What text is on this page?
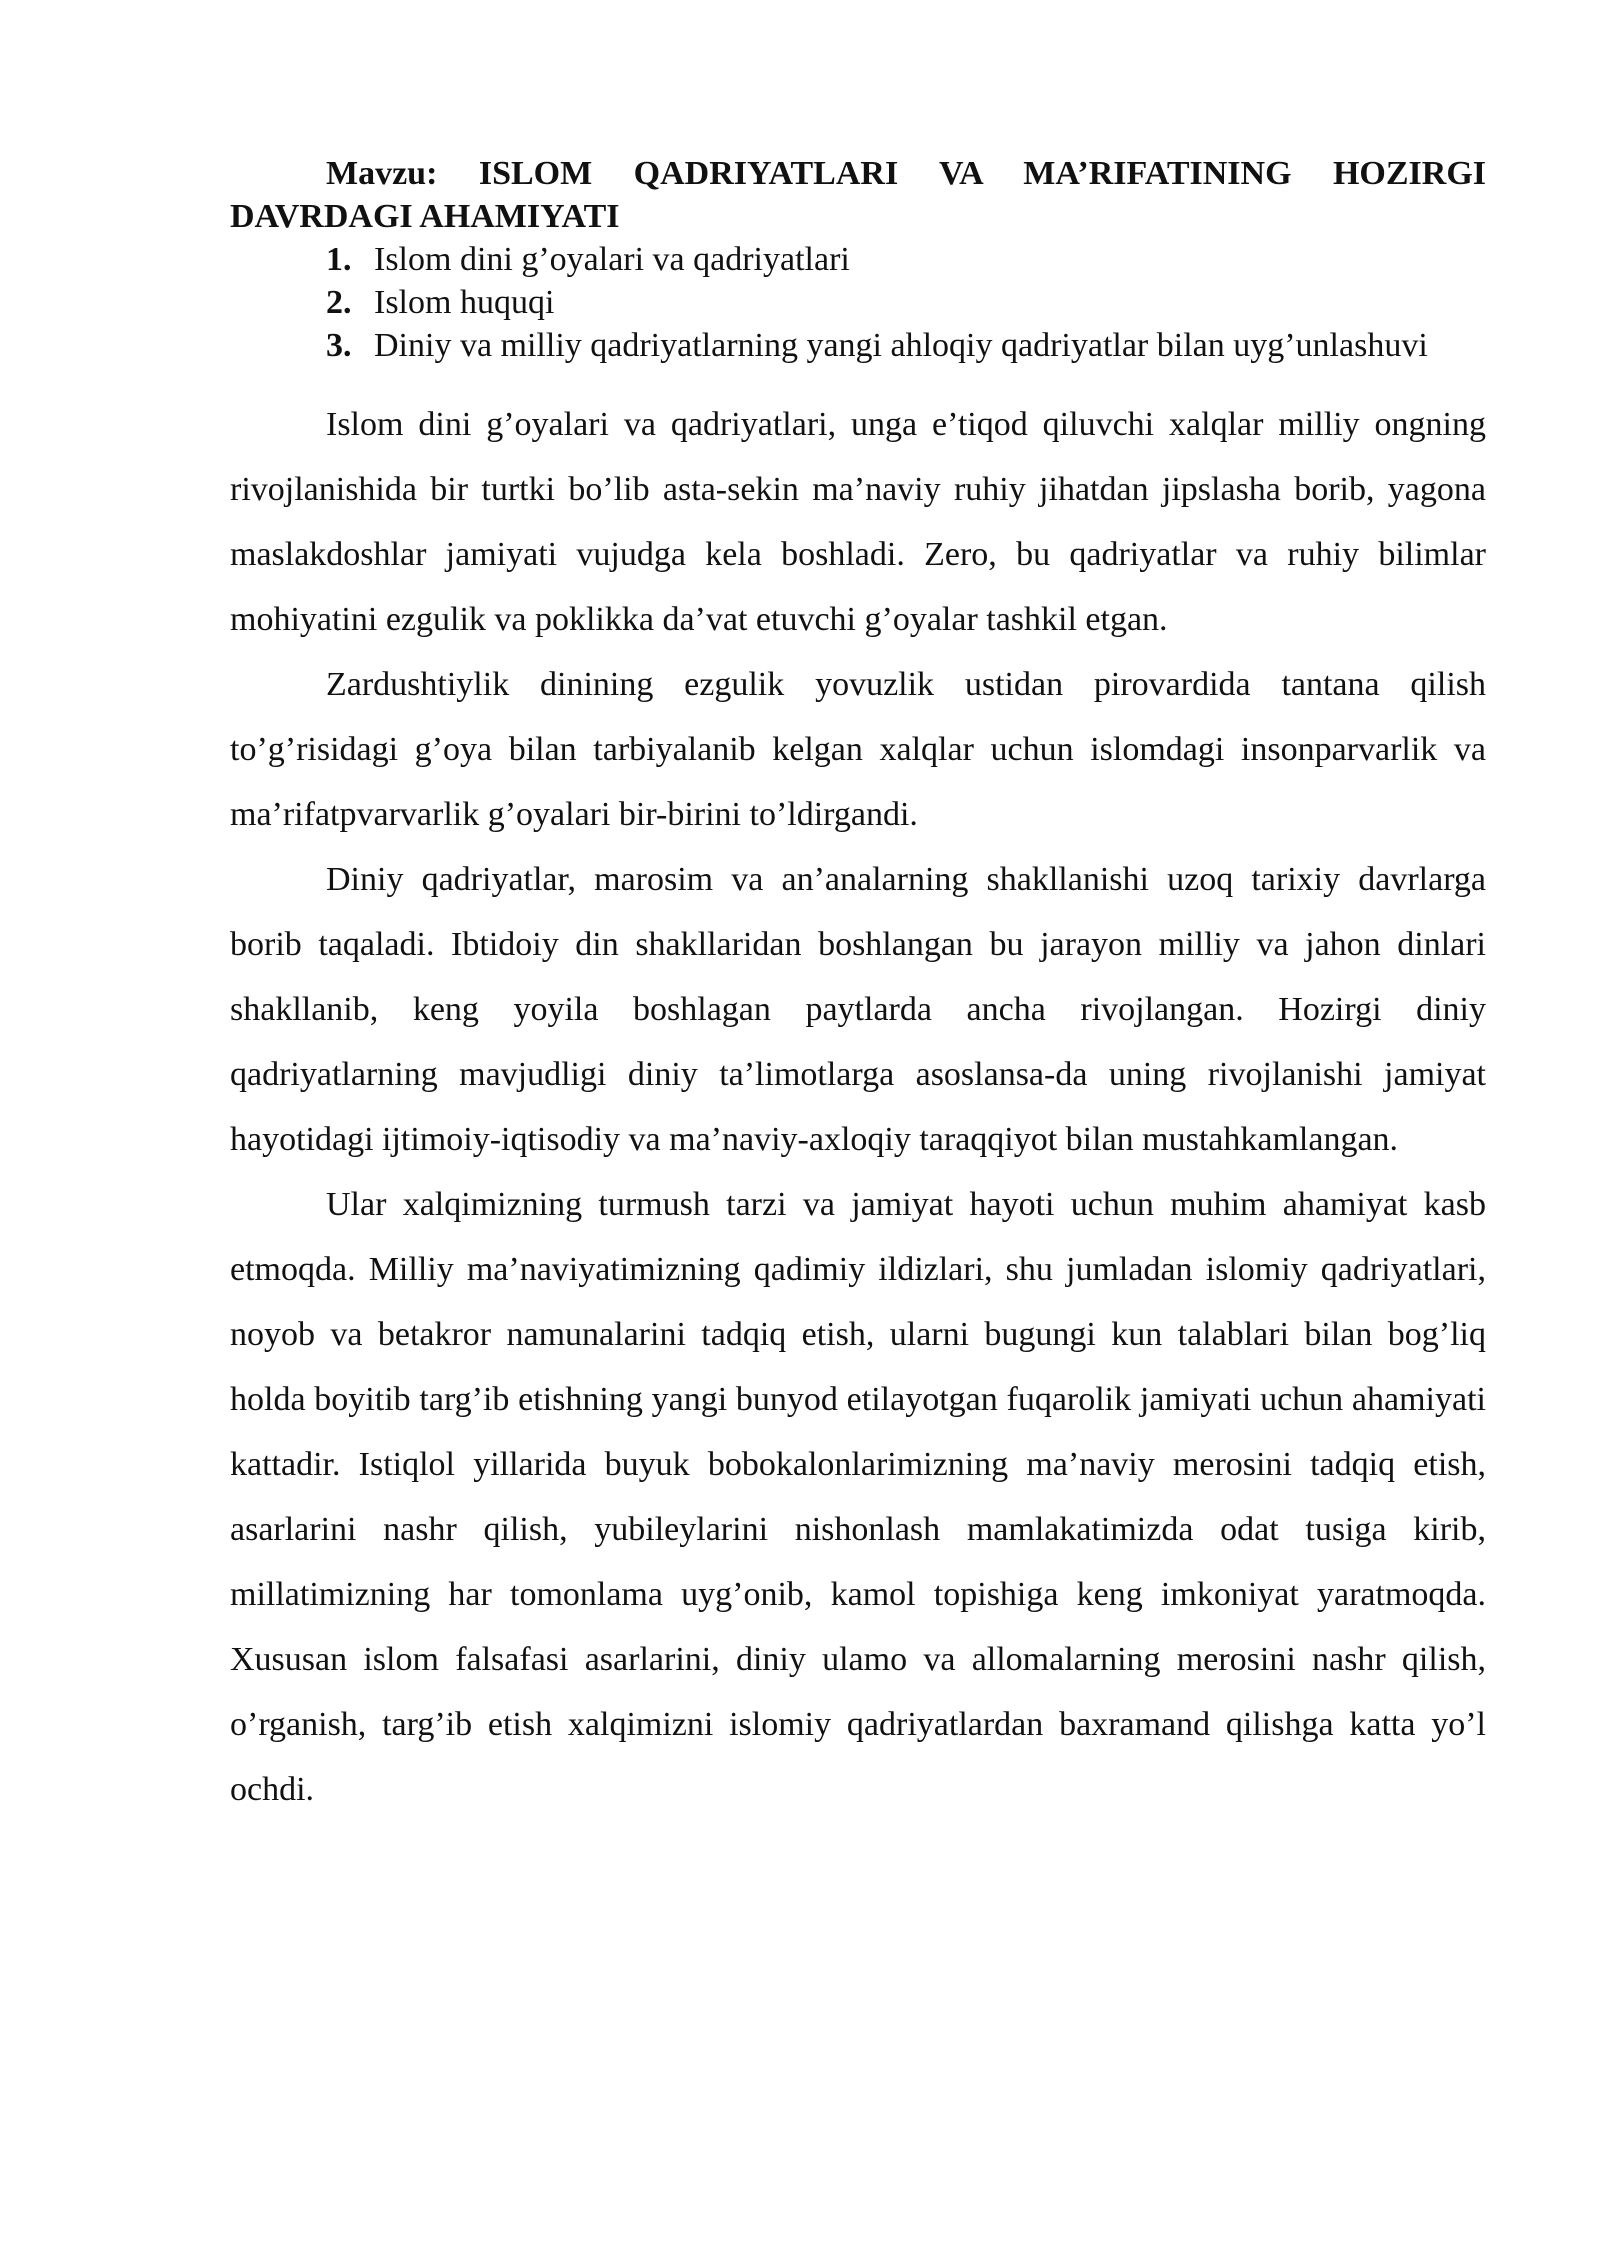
Mavzu: ISLOM QADRIYATLARI VA MA’RIFATINING HOZIRGI DAVRDAGI AHAMIYATI

1. Islom dini g’oyalari va qadriyatlari
2. Islom huquqi
3. Diniy va milliy qadriyatlarning yangi ahloqiy qadriyatlar bilan uyg’unlashuvi

Islom dini g’oyalari va qadriyatlari, unga e’tiqod qiluvchi xalqlar milliy ongning rivojlanishida bir turtki bo’lib asta-sekin ma’naviy ruhiy jihatdan jipslasha borib, yagona maslakdoshlar jamiyati vujudga kela boshladi. Zero, bu qadriyatlar va ruhiy bilimlar mohiyatini ezgulik va poklikka da’vat etuvchi g’oyalar tashkil etgan.

Zardushtiylik dinining ezgulik yovuzlik ustidan pirovardida tantana qilish to’g’risidagi g’oya bilan tarbiyalanib kelgan xalqlar uchun islomdagi insonparvarlik va ma’rifatpvarvarlik g’oyalari bir-birini to’ldirgandi.

Diniy qadriyatlar, marosim va an’analarning shakllanishi uzoq tarixiy davrlarga borib taqaladi. Ibtidoiy din shakllaridan boshlangan bu jarayon milliy va jahon dinlari shakllanib, keng yoyila boshlagan paytlarda ancha rivojlangan. Hozirgi diniy qadriyatlarning mavjudligi diniy ta’limotlarga asoslansa-da uning rivojlanishi jamiyat hayotidagi ijtimoiy-iqtisodiy va ma’naviy-axloqiy taraqqiyot bilan mustahkamlangan.

Ular xalqimizning turmush tarzi va jamiyat hayoti uchun muhim ahamiyat kasb etmoqda. Milliy ma’naviyatimizning qadimiy ildizlari, shu jumladan islomiy qadriyatlari, noyob va betakror namunalarini tadqiq etish, ularni bugungi kun talablari bilan bog’liq holda boyitib targ’ib etishning yangi bunyod etilayotgan fuqarolik jamiyati uchun ahamiyati kattadir. Istiqlol yillarida buyuk bobokalonlarimizning ma’naviy merosini tadqiq etish, asarlarini nashr qilish, yubileylarini nishonlash mamlakatimizda odat tusiga kirib, millatimizning har tomonlama uyg’onib, kamol topishiga keng imkoniyat yaratmoqda. Xususan islom falsafasi asarlarini, diniy ulamo va allomalarning merosini nashr qilish, o’rganish, targ’ib etish xalqimizni islomiy qadriyatlardan baxramand qilishga katta yo’l ochdi.
